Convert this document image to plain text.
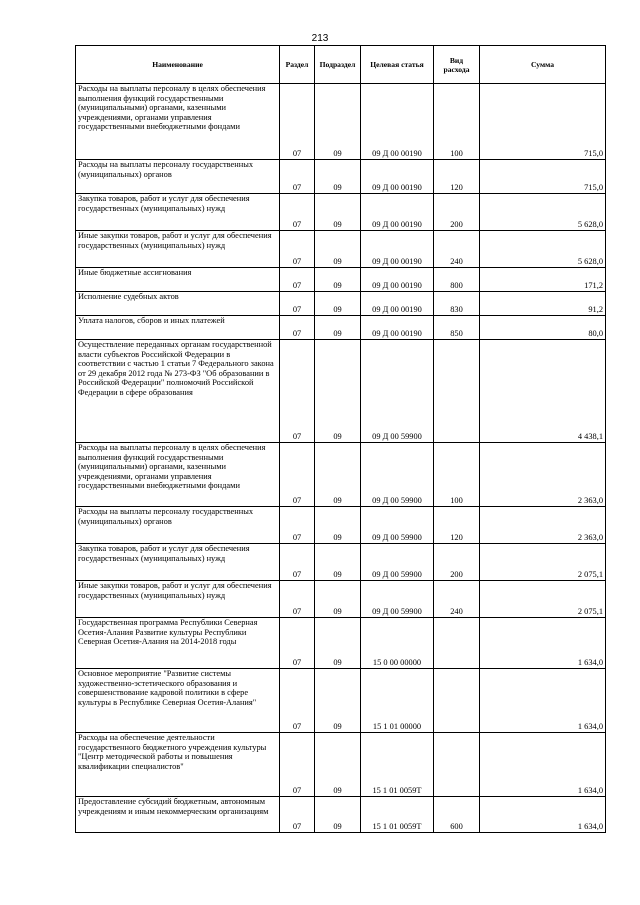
213
Наименование	Раздел	Подраздел	Целевая статья	Вид расхода	Сумма
Расходы на выплаты персоналу в целях обеспечения выполнения функций государственными (муниципальными) органами, казенными учреждениями, органами управления государственными внебюджетными фондами	07	09	09 Д 00 00190	100	715,0
Расходы на выплаты персоналу государственных (муниципальных) органов	07	09	09 Д 00 00190	120	715,0
Закупка товаров, работ и услуг для обеспечения государственных (муниципальных) нужд	07	09	09 Д 00 00190	200	5 628,0
Иные закупки товаров, работ и услуг для обеспечения государственных (муниципальных) нужд	07	09	09 Д 00 00190	240	5 628,0
Иные бюджетные ассигнования	07	09	09 Д 00 00190	800	171,2
Исполнение судебных актов	07	09	09 Д 00 00190	830	91,2
Уплата налогов, сборов и иных платежей	07	09	09 Д 00 00190	850	80,0
Осуществление переданных органам государственной власти субъектов Российской Федерации в соответствии с частью 1 статьи 7 Федерального закона от 29 декабря 2012 года № 273-ФЗ "Об образовании в Российской Федерации" полномочий Российской Федерации в сфере образования	07	09	09 Д 00 59900		4 438,1
Расходы на выплаты персоналу в целях обеспечения выполнения функций государственными (муниципальными) органами, казенными учреждениями, органами управления государственными внебюджетными фондами	07	09	09 Д 00 59900	100	2 363,0
Расходы на выплаты персоналу государственных (муниципальных) органов	07	09	09 Д 00 59900	120	2 363,0
Закупка товаров, работ и услуг для обеспечения государственных (муниципальных) нужд	07	09	09 Д 00 59900	200	2 075,1
Иные закупки товаров, работ и услуг для обеспечения государственных (муниципальных) нужд	07	09	09 Д 00 59900	240	2 075,1
Государственная программа Республики Северная Осетия-Алания Развитие культуры Республики Северная Осетия-Алания на 2014-2018 годы	07	09	15 0 00 00000		1 634,0
Основное мероприятие "Развитие системы художественно-эстетического образования и совершенствование кадровой политики в сфере культуры в Республике Северная Осетия-Алания"	07	09	15 1 01 00000		1 634,0
Расходы на обеспечение деятельности государственного бюджетного учреждения культуры "Центр методической работы и повышения квалификации специалистов"	07	09	15 1 01 0059Т		1 634,0
Предоставление субсидий бюджетным, автономным учреждениям и иным некоммерческим организациям	07	09	15 1 01 0059Т	600	1 634,0
